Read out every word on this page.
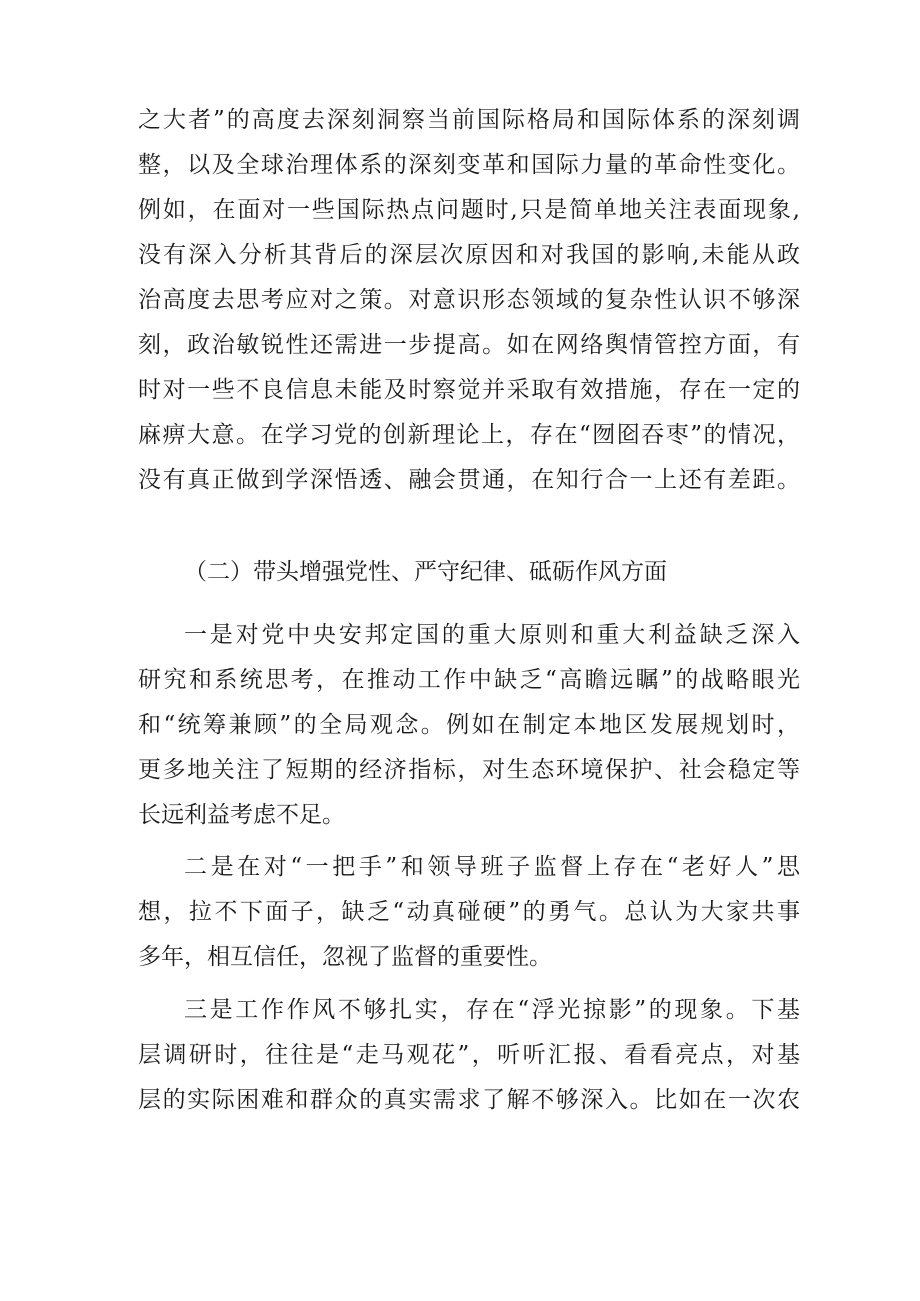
之大者”的高度去深刻洞察当前国际格局和国际体系的深刻调
整，以及全球治理体系的深刻变革和国际力量的革命性变化。
例如，在面对一些国际热点问题时,只是简单地关注表面现象,
没有深入分析其背后的深层次原因和对我国的影响,未能从政
治高度去思考应对之策。对意识形态领域的复杂性认识不够深
刻，政治敏锐性还需进一步提高。如在网络舆情管控方面，有
时对一些不良信息未能及时察觉并采取有效措施，存在一定的
麻痹大意。在学习党的创新理论上，存在“囫囵吞枣”的情况，
没有真正做到学深悟透、融会贯通，在知行合一上还有差距。
（二）带头增强党性、严守纪律、砥砺作风方面
一是对党中央安邦定国的重大原则和重大利益缺乏深入
研究和系统思考，在推动工作中缺乏“高瞻远瞩”的战略眼光
和“统筹兼顾”的全局观念。例如在制定本地区发展规划时，
更多地关注了短期的经济指标，对生态环境保护、社会稳定等
长远利益考虑不足。
二是在对“一把手”和领导班子监督上存在“老好人”思
想，拉不下面子，缺乏“动真碰硬”的勇气。总认为大家共事
多年，相互信任，忽视了监督的重要性。
三是工作作风不够扎实，存在“浮光掠影”的现象。下基
层调研时，往往是“走马观花”，听听汇报、看看亮点，对基
层的实际困难和群众的真实需求了解不够深入。比如在一次农
